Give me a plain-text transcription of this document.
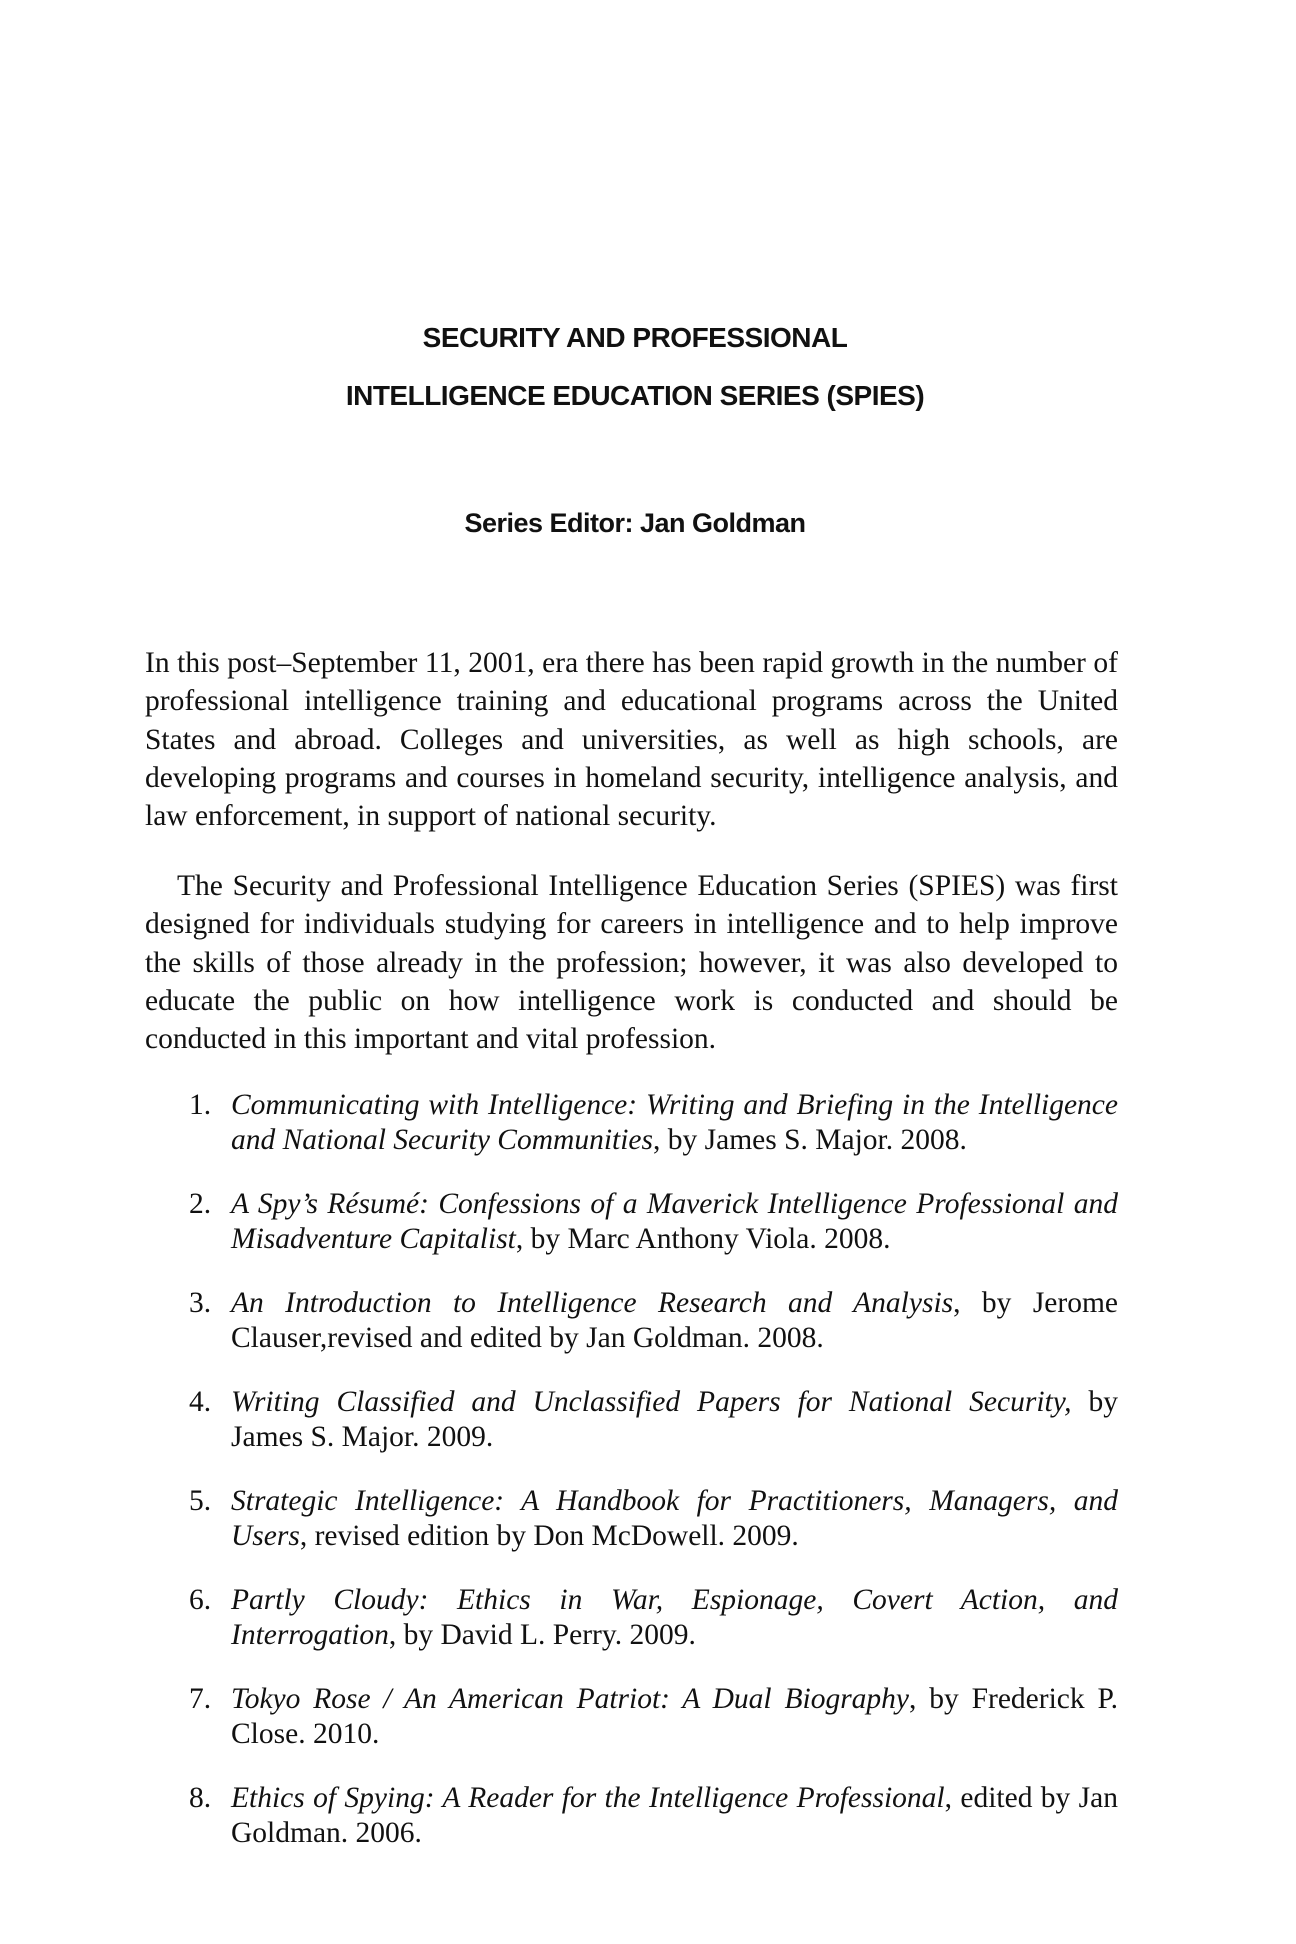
SECURITY AND PROFESSIONAL
INTELLIGENCE EDUCATION SERIES (SPIES)
Series Editor: Jan Goldman

In this post–September 11, 2001, era there has been rapid growth in the number of professional intelligence training and educational programs across the United States and abroad. Colleges and universities, as well as high schools, are developing programs and courses in homeland security, intelligence analysis, and law enforcement, in support of national security.

The Security and Professional Intelligence Education Series (SPIES) was first designed for individuals studying for careers in intelligence and to help improve the skills of those already in the profession; however, it was also developed to educate the public on how intelligence work is conducted and should be conducted in this important and vital profession.

1. Communicating with Intelligence: Writing and Briefing in the Intelligence and National Security Communities, by James S. Major. 2008.
2. A Spy’s Résumé: Confessions of a Maverick Intelligence Professional and Misadventure Capitalist, by Marc Anthony Viola. 2008.
3. An Introduction to Intelligence Research and Analysis, by Jerome Clauser,revised and edited by Jan Goldman. 2008.
4. Writing Classified and Unclassified Papers for National Security, by James S. Major. 2009.
5. Strategic Intelligence: A Handbook for Practitioners, Managers, and Users, revised edition by Don McDowell. 2009.
6. Partly Cloudy: Ethics in War, Espionage, Covert Action, and Interrogation, by David L. Perry. 2009.
7. Tokyo Rose / An American Patriot: A Dual Biography, by Frederick P. Close. 2010.
8. Ethics of Spying: A Reader for the Intelligence Professional, edited by Jan Goldman. 2006.
